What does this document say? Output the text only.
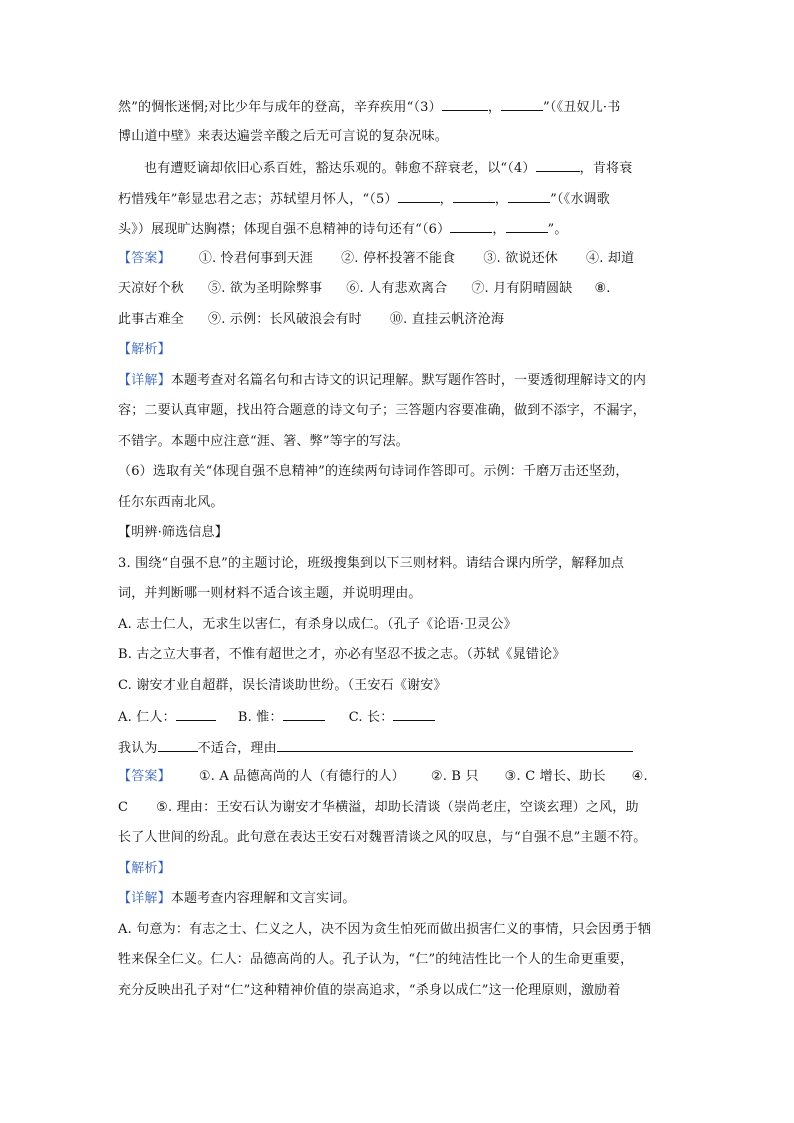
然”的惆怅迷惘;对比少年与成年的登高，辛弃疾用“（3）	，	”（《丑奴儿·书
博山道中壁》来表达遍尝辛酸之后无可言说的复杂况味。
也有遭贬谪却依旧心系百姓，豁达乐观的。韩愈不辞衰老，以“（4）	，肯将衰
朽惜残年”彰显忠君之志；苏轼望月怀人，“（5）	，	，	”（《水调歌
头》）展现旷达胸襟；体现自强不息精神的诗句还有“（6）	，	”。
【答案】 ①. 怜君何事到天涯 ②. 停杯投箸不能食 ③. 欲说还休 ④. 却道
天凉好个秋 ⑤. 欲为圣明除弊事 ⑥. 人有悲欢离合 ⑦. 月有阴晴圆缺 ⑧.
此事古难全 ⑨. 示例：长风破浪会有时 ⑩. 直挂云帆济沧海
【解析】
【详解】本题考查对名篇名句和古诗文的识记理解。默写题作答时，一要透彻理解诗文的内
容；二要认真审题，找出符合题意的诗文句子；三答题内容要准确，做到不添字，不漏字，
不错字。本题中应注意“涯、箸、弊”等字的写法。
（6）选取有关“体现自强不息精神”的连续两句诗词作答即可。示例：千磨万击还坚劲，
任尔东西南北风。
【明辨·筛选信息】
3. 围绕“自强不息”的主题讨论，班级搜集到以下三则材料。请结合课内所学，解释加点
词，并判断哪一则材料不适合该主题，并说明理由。
A. 志士仁人，无求生以害仁，有杀身以成仁。（孔子《论语·卫灵公》
B. 古之立大事者，不惟有超世之才，亦必有坚忍不拔之志。（苏轼《晁错论》
C. 谢安才业自超群，误长清谈助世纷。（王安石《谢安》
A. 仁人：	B. 惟：	C. 长：
我认为	不适合，理由
【答案】 ①. A 品德高尚的人（有德行的人） ②. B 只 ③. C 增长、助长 ④.
C ⑤. 理由：王安石认为谢安才华横溢，却助长清谈（崇尚老庄，空谈玄理）之风，助
长了人世间的纷乱。此句意在表达王安石对魏晋清谈之风的叹息，与“自强不息”主题不符。
【解析】
【详解】本题考查内容理解和文言实词。
A. 句意为：有志之士、仁义之人，决不因为贪生怕死而做出损害仁义的事情，只会因勇于牺
牲来保全仁义。仁人：品德高尚的人。孔子认为，“仁”的纯洁性比一个人的生命更重要，
充分反映出孔子对“仁”这种精神价值的崇高追求，“杀身以成仁”这一伦理原则，激励着
